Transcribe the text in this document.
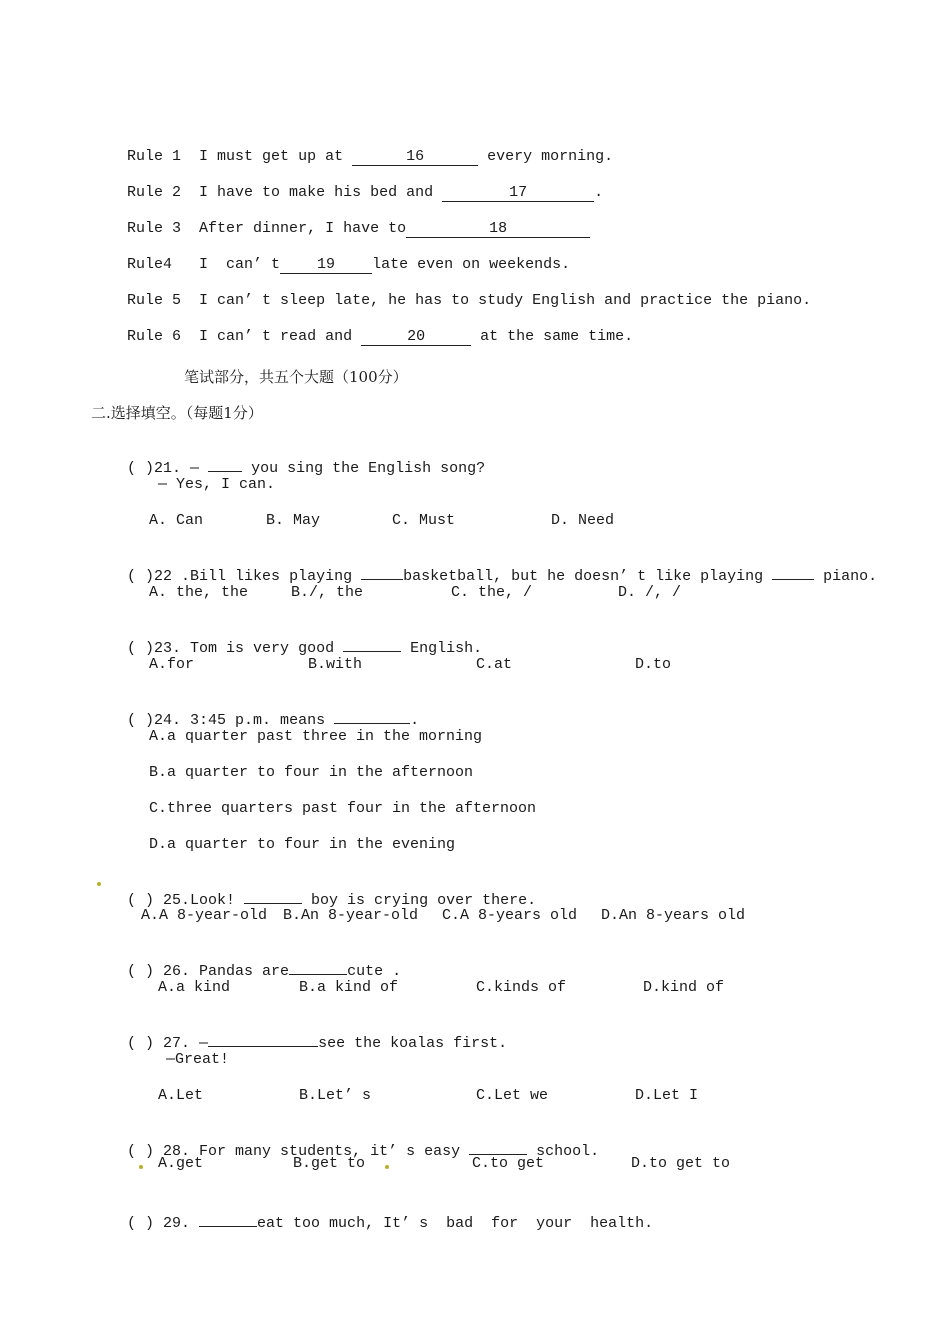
Rule 1 I must get up at	16	every morning.

Rule 2 I have to make his bed and	17	.

Rule 3 After dinner, I have to	18

Rule4 I  can’ t 19 late even on weekends.

Rule 5 I can’ t sleep late, he has to study English and practice the piano.

Rule 6 I can’ t read and	20	at the same time.

笔试部分，共五个大题（100分）
二.选择填空。（每题1分）

( )21. —  you sing the English song?

— Yes, I can.
A. Can	B. May	C. Must	D. Need

( )22 .Bill likes playing	basketball, but he doesn’ t like playing	piano.

A. the, the	B./, the	C. the, /	D. /, /

( )23. Tom is very good	English.

A.for	B.with	C.at	D.to

( )24. 3:45 p.m. means	.

A.a quarter past three in the morning
B.a quarter to four in the afternoon
C.three quarters past four in the afternoon
D.a quarter to four in the evening

( ) 25.Look!	boy is crying over there.

A.A 8-year-old B.An 8-year-old C.A 8-years old D.An 8-years old

( ) 26. Pandas are	cute .

A.a kind	B.a kind of	C.kinds of	D.kind of

( ) 27. —	see the koalas first.

—Great!
A.Let	B.Let’ s	C.Let we	D.Let I

( ) 28. For many students, it’ s easy	school.

A.get	B.get to	C.to get	D.to get to

( ) 29.	eat too much, It’ s  bad  for  your  health.
